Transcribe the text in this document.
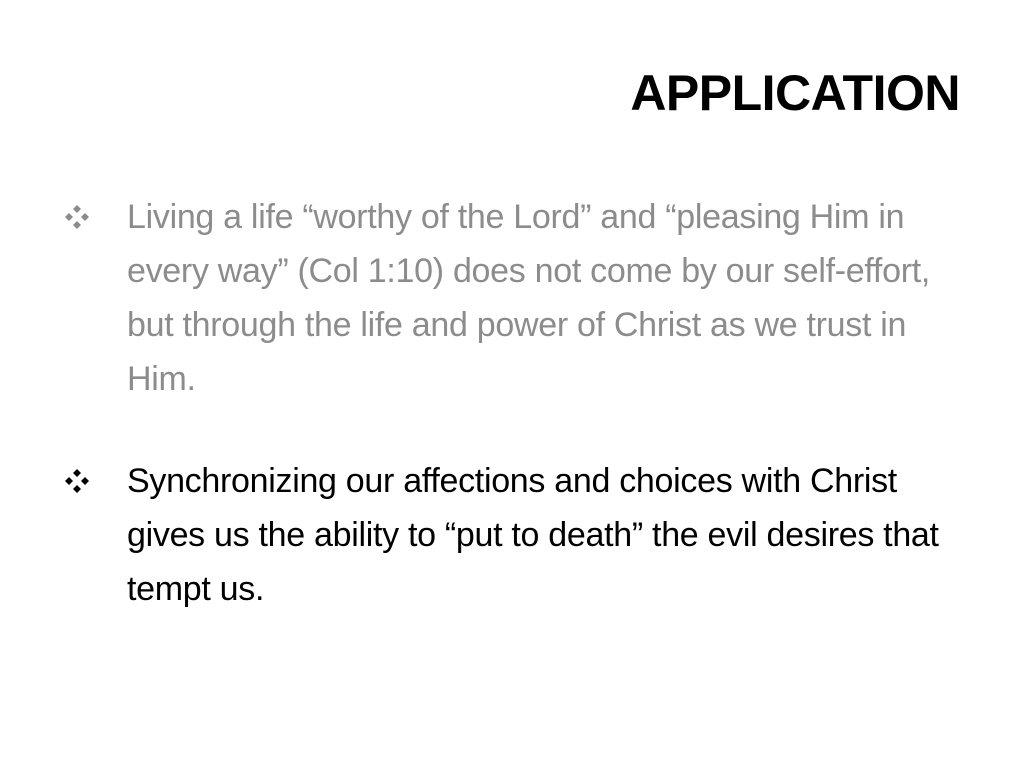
APPLICATION
Living a life “worthy of the Lord” and “pleasing Him in every way” (Col 1:10) does not come by our self-effort, but through the life and power of Christ as we trust in Him.
Synchronizing our affections and choices with Christ gives us the ability to “put to death” the evil desires that tempt us.
